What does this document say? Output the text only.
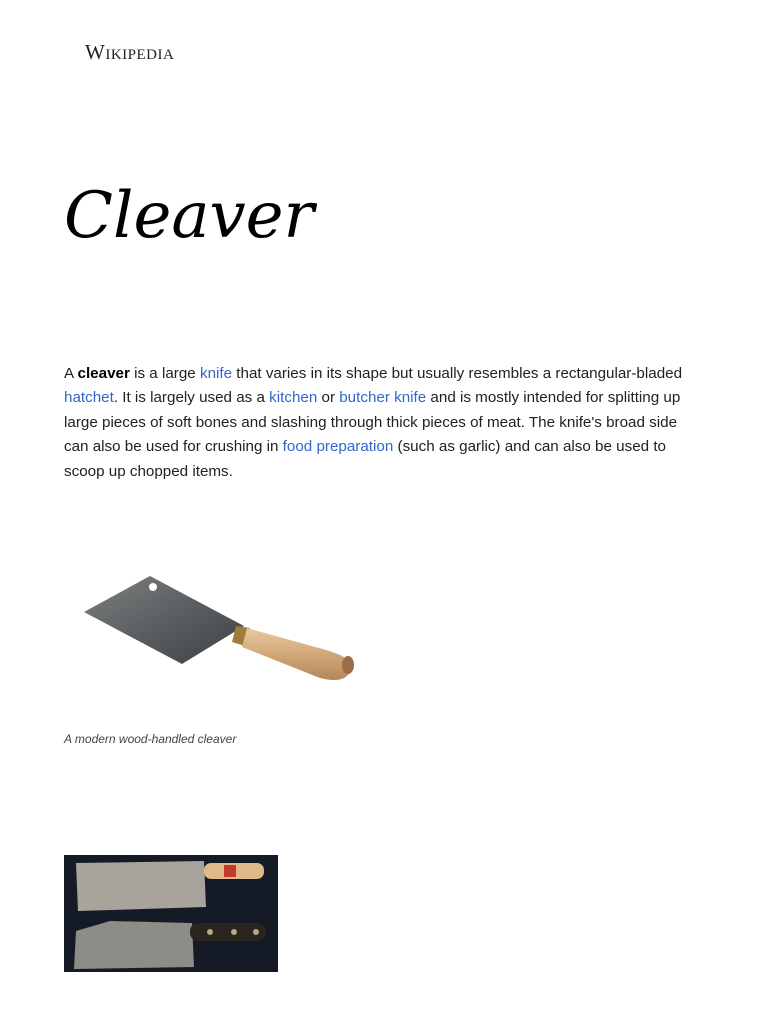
Wikipedia
Cleaver

A cleaver is a large knife that varies in its shape but usually resembles a rectangular-bladed hatchet. It is largely used as a kitchen or butcher knife and is mostly intended for splitting up large pieces of soft bones and slashing through thick pieces of meat. The knife's broad side can also be used for crushing in food preparation (such as garlic) and can also be used to scoop up chopped items.

A modern wood-handled cleaver
